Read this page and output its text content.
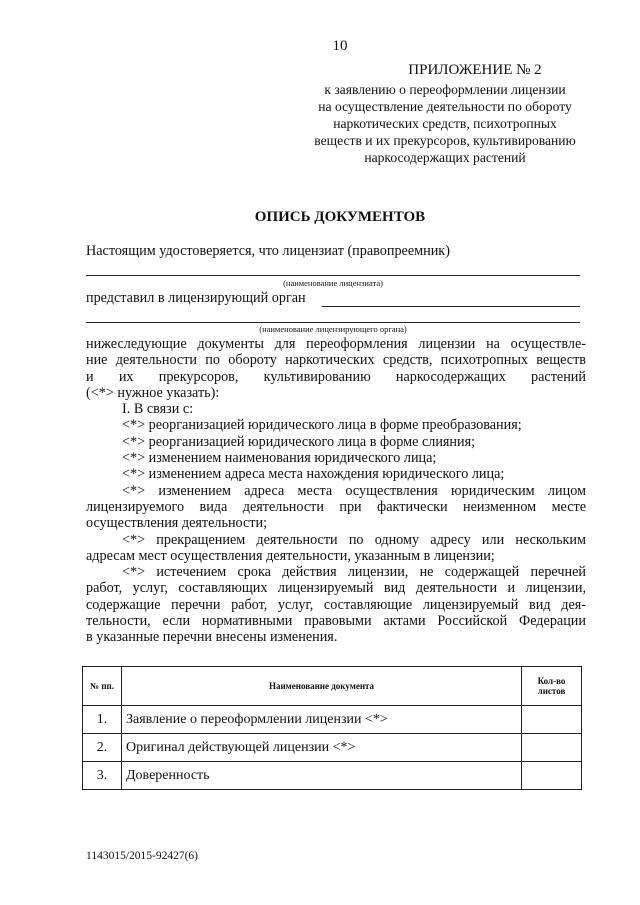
10
ПРИЛОЖЕНИЕ № 2
к заявлению о переоформлении лицензии
на осуществление деятельности по обороту
наркотических средств, психотропных
веществ и их прекурсоров, культивированию
наркосодержащих растений
ОПИСЬ ДОКУМЕНТОВ
Настоящим удостоверяется, что лицензиат (правопреемник)
(наименование лицензиата)
представил в лицензирующий орган
(наименование лицензирующего органа)

нижеследующие документы для переоформления лицензии на осуществле-

ние деятельности по обороту наркотических средств, психотропных веществ

и их прекурсоров, культивированию наркосодержащих растений

(<*> нужное указать):

I. В связи с:

<*> реорганизацией юридического лица в форме преобразования;

<*> реорганизацией юридического лица в форме слияния;

<*> изменением наименования юридического лица;

<*> изменением адреса места нахождения юридического лица;

<*> изменением адреса места осуществления юридическим лицом

лицензируемого вида деятельности при фактически неизменном месте

осуществления деятельности;

<*> прекращением деятельности по одному адресу или нескольким

адресам мест осуществления деятельности, указанным в лицензии;

<*> истечением срока действия лицензии, не содержащей перечней

работ, услуг, составляющих лицензируемый вид деятельности и лицензии,

содержащие перечни работ, услуг, составляющие лицензируемый вид дея-

тельности, если нормативными правовыми актами Российской Федерации

в указанные перечни внесены изменения.

№ пп.	Наименование документа	Кол-во листов
1.	Заявление о переоформлении лицензии <*>	
2.	Оригинал действующей лицензии <*>	
3.	Доверенность	
1143015/2015-92427(6)
